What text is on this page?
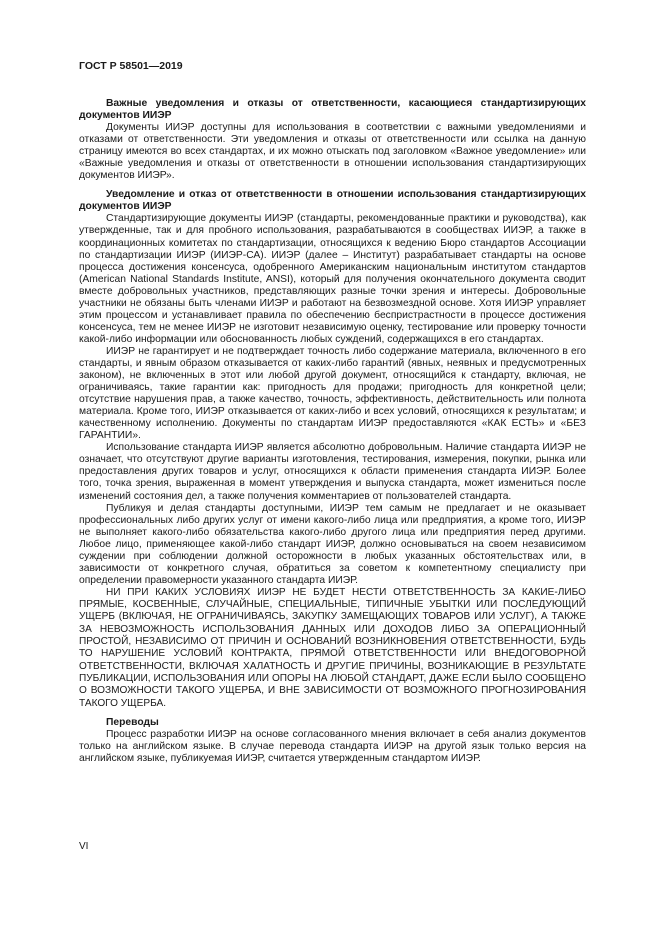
ГОСТ Р 58501—2019

Важные уведомления и отказы от ответственности, касающиеся стандартизирующих документов ИИЭР

Документы ИИЭР доступны для использования в соответствии с важными уведомлениями и отказами от ответственности. Эти уведомления и отказы от ответственности или ссылка на данную страницу имеются во всех стандартах, и их можно отыскать под заголовком «Важное уведомление» или «Важные уведомления и отказы от ответственности в отношении использования стандартизирующих документов ИИЭР».

Уведомление и отказ от ответственности в отношении использования стандартизирующих документов ИИЭР

Стандартизирующие документы ИИЭР (стандарты, рекомендованные практики и руководства), как утвержденные, так и для пробного использования, разрабатываются в сообществах ИИЭР, а также в координационных комитетах по стандартизации, относящихся к ведению Бюро стандартов Ассоциации по стандартизации ИИЭР (ИИЭР-СА). ИИЭР (далее – Институт) разрабатывает стандарты на основе процесса достижения консенсуса, одобренного Американским национальным институтом стандартов (American National Standards Institute, ANSI), который для получения окончательного документа сводит вместе добровольных участников, представляющих разные точки зрения и интересы. Добровольные участники не обязаны быть членами ИИЭР и работают на безвозмездной основе. Хотя ИИЭР управляет этим процессом и устанавливает правила по обеспечению беспристрастности в процессе достижения консенсуса, тем не менее ИИЭР не изготовит независимую оценку, тестирование или проверку точности какой-либо информации или обоснованность любых суждений, содержащихся в его стандартах.

ИИЭР не гарантирует и не подтверждает точность либо содержание материала, включенного в его стандарты, и явным образом отказывается от каких-либо гарантий (явных, неявных и предусмотренных законом), не включенных в этот или любой другой документ, относящийся к стандарту, включая, не ограничиваясь, такие гарантии как: пригодность для продажи; пригодность для конкретной цели; отсутствие нарушения прав, а также качество, точность, эффективность, действительность или полнота материала. Кроме того, ИИЭР отказывается от каких-либо и всех условий, относящихся к результатам; и качественному исполнению. Документы по стандартам ИИЭР предоставляются «КАК ЕСТЬ» и «БЕЗ ГАРАНТИИ».

Использование стандарта ИИЭР является абсолютно добровольным. Наличие стандарта ИИЭР не означает, что отсутствуют другие варианты изготовления, тестирования, измерения, покупки, рынка или предоставления других товаров и услуг, относящихся к области применения стандарта ИИЭР. Более того, точка зрения, выраженная в момент утверждения и выпуска стандарта, может измениться после изменений состояния дел, а также получения комментариев от пользователей стандарта.

Публикуя и делая стандарты доступными, ИИЭР тем самым не предлагает и не оказывает профессиональных либо других услуг от имени какого-либо лица или предприятия, а кроме того, ИИЭР не выполняет какого-либо обязательства какого-либо другого лица или предприятия перед другими. Любое лицо, применяющее какой-либо стандарт ИИЭР, должно основываться на своем независимом суждении при соблюдении должной осторожности в любых указанных обстоятельствах или, в зависимости от конкретного случая, обратиться за советом к компетентному специалисту при определении правомерности указанного стандарта ИИЭР.

НИ ПРИ КАКИХ УСЛОВИЯХ ИИЭР НЕ БУДЕТ НЕСТИ ОТВЕТСТВЕННОСТЬ ЗА КАКИЕ-ЛИБО ПРЯМЫЕ, КОСВЕННЫЕ, СЛУЧАЙНЫЕ, СПЕЦИАЛЬНЫЕ, ТИПИЧНЫЕ УБЫТКИ ИЛИ ПОСЛЕДУЮЩИЙ УЩЕРБ (ВКЛЮЧАЯ, НЕ ОГРАНИЧИВАЯСЬ, ЗАКУПКУ ЗАМЕЩАЮЩИХ ТОВАРОВ ИЛИ УСЛУГ), А ТАКЖЕ ЗА НЕВОЗМОЖНОСТЬ ИСПОЛЬЗОВАНИЯ ДАННЫХ ИЛИ ДОХОДОВ ЛИБО ЗА ОПЕРАЦИОННЫЙ ПРОСТОЙ, НЕЗАВИСИМО ОТ ПРИЧИН И ОСНОВАНИЙ ВОЗНИКНОВЕНИЯ ОТВЕТСТВЕННОСТИ, БУДЬ ТО НАРУШЕНИЕ УСЛОВИЙ КОНТРАКТА, ПРЯМОЙ ОТВЕТСТВЕННОСТИ ИЛИ ВНЕДОГОВОРНОЙ ОТВЕТСТВЕННОСТИ, ВКЛЮЧАЯ ХАЛАТНОСТЬ И ДРУГИЕ ПРИЧИНЫ, ВОЗНИКАЮЩИЕ В РЕЗУЛЬТАТЕ ПУБЛИКАЦИИ, ИСПОЛЬЗОВАНИЯ ИЛИ ОПОРЫ НА ЛЮБОЙ СТАНДАРТ, ДАЖЕ ЕСЛИ БЫЛО СООБЩЕНО О ВОЗМОЖНОСТИ ТАКОГО УЩЕРБА, И ВНЕ ЗАВИСИМОСТИ ОТ ВОЗМОЖНОГО ПРОГНОЗИРОВАНИЯ ТАКОГО УЩЕРБА.

Переводы

Процесс разработки ИИЭР на основе согласованного мнения включает в себя анализ документов только на английском языке. В случае перевода стандарта ИИЭР на другой язык только версия на английском языке, публикуемая ИИЭР, считается утвержденным стандартом ИИЭР.

VI
